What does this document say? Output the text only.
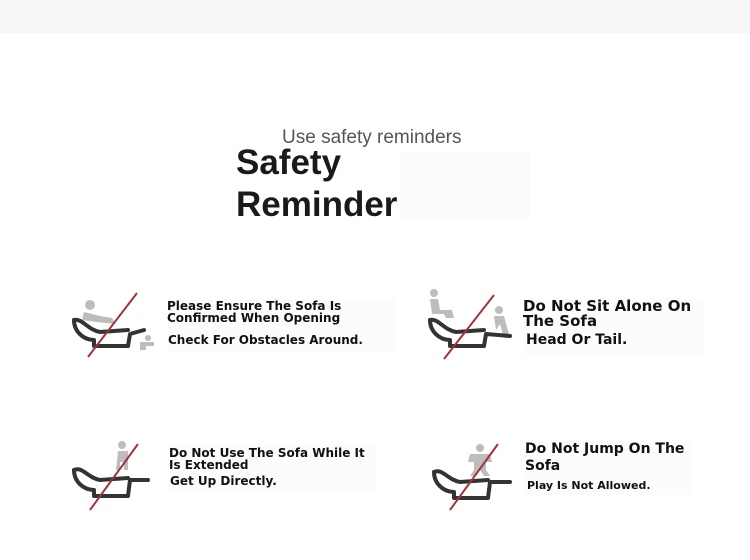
Use safety reminders
Safety
Reminder

Please Ensure The Sofa Is Confirmed When Opening

Check For Obstacles Around.

Do Not Sit Alone On The Sofa

Head Or Tail.

Do Not Use The Sofa While It Is Extended

Get Up Directly.

Do Not Jump On The Sofa

Play Is Not Allowed.
